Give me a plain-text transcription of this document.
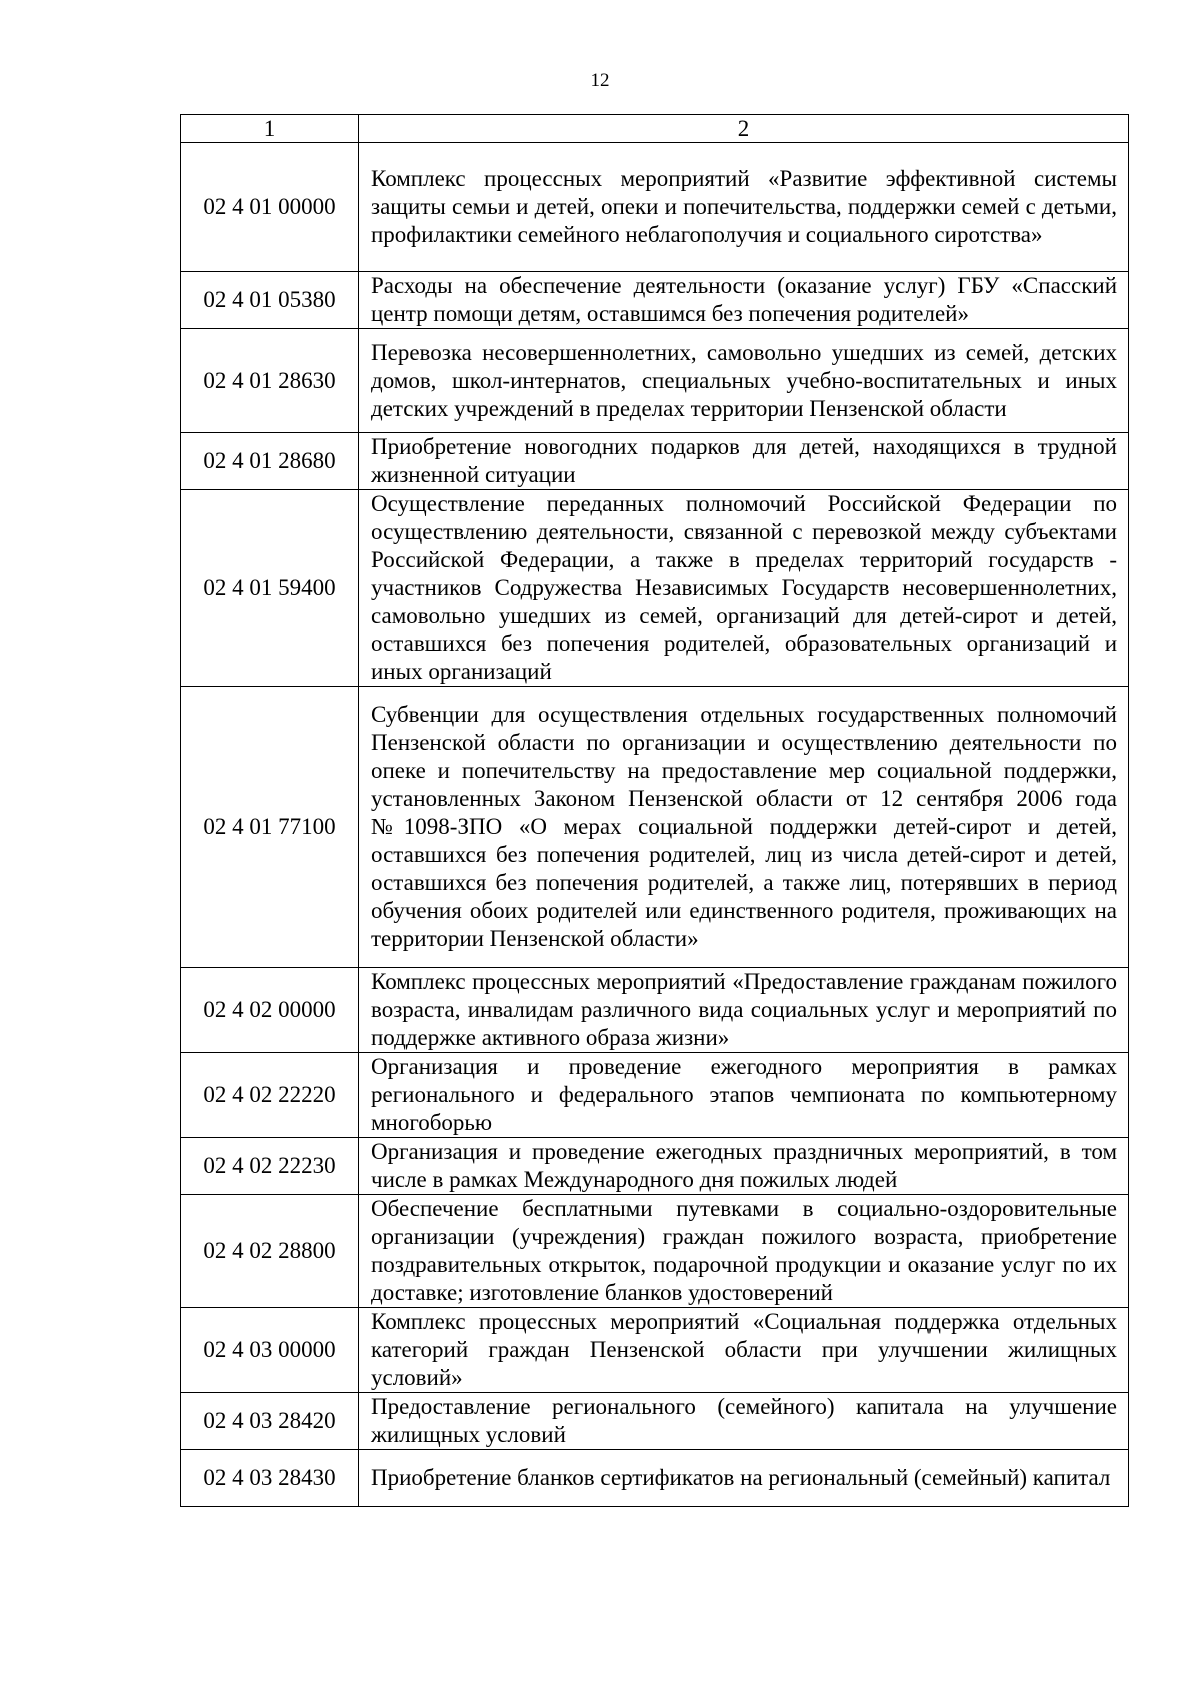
12
1	2
02 4 01 00000	Комплекс процессных мероприятий «Развитие эффективной системы защиты семьи и детей, опеки и попечительства, поддержки семей с детьми, профилактики семейного неблагополучия и социального сиротства»
02 4 01 05380	Расходы на обеспечение деятельности (оказание услуг) ГБУ «Спасский центр помощи детям, оставшимся без попечения родителей»
02 4 01 28630	Перевозка несовершеннолетних, самовольно ушедших из семей, детских домов, школ-интернатов, специальных учебно-воспитательных и иных детских учреждений в пределах территории Пензенской области
02 4 01 28680	Приобретение новогодних подарков для детей, находящихся в трудной жизненной ситуации
02 4 01 59400	Осуществление переданных полномочий Российской Федерации по осуществлению деятельности, связанной с перевозкой между субъектами Российской Федерации, а также в пределах территорий государств - участников Содружества Независимых Государств несовершеннолетних, самовольно ушедших из семей, организаций для детей-сирот и детей, оставшихся без попечения родителей, образовательных организаций и иных организаций
02 4 01 77100	Субвенции для осуществления отдельных государственных полномочий Пензенской области по организации и осуществлению деятельности по опеке и попечительству на предоставление мер социальной поддержки, установленных Законом Пензенской области от 12 сентября 2006 года №1098-ЗПО «О мерах социальной поддержки детей-сирот и детей, оставшихся без попечения родителей, лиц из числа детей-сирот и детей, оставшихся без попечения родителей, а также лиц, потерявших в период обучения обоих родителей или единственного родителя, проживающих на территории Пензенской области»
02 4 02 00000	Комплекс процессных мероприятий «Предоставление гражданам пожилого возраста, инвалидам различного вида социальных услуг и мероприятий по поддержке активного образа жизни»
02 4 02 22220	Организация и проведение ежегодного мероприятия в рамках регионального и федерального этапов чемпионата по компьютерному многоборью
02 4 02 22230	Организация и проведение ежегодных праздничных мероприятий, в том числе в рамках Международного дня пожилых людей
02 4 02 28800	Обеспечение бесплатными путевками в социально-оздоровительные организации (учреждения) граждан пожилого возраста, приобретение поздравительных открыток, подарочной продукции и оказание услуг по их доставке; изготовление бланков удостоверений
02 4 03 00000	Комплекс процессных мероприятий «Социальная поддержка отдельных категорий граждан Пензенской области при улучшении жилищных условий»
02 4 03 28420	Предоставление регионального (семейного) капитала на улучшение жилищных условий
02 4 03 28430	Приобретение бланков сертификатов на региональный (семейный) капитал
